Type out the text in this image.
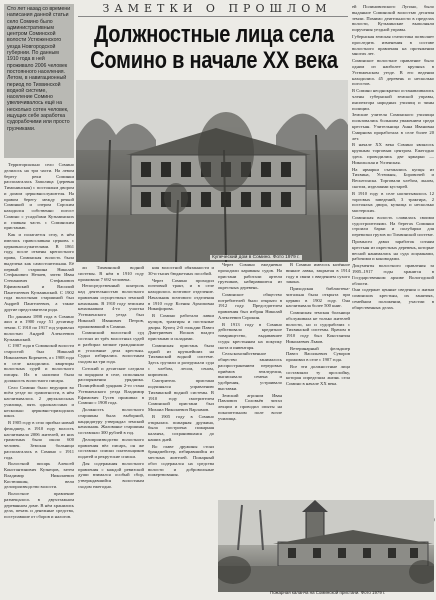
ЗАМЕТКИ О ПРОШЛОМ

Сто лет назад со времени написания данной статьи село Сомино было административным центром Соминской волости Устюженского уезда Новгородской губернии. По данным 1910 года в ней проживало 2006 человек постоянного населения. Летом, в навигационный период по Тихвинской водной системе, население Сомино увеличивалось ещё на несколько сотен человек, ищущих себе заработка судорабочими или просто грузчиками.

Должностные лица села Сомино в начале ХХ века
Купеческий дом в Сомино. Фото 1979 г.

Территориально село Сомино делилось на три части. На левом берегу реки Соминки располагалась Заполица (деревня Тимонинская) с постоялым двором и домом церковнослужителя. На правом берегу между речкой Соминкой и озером Сорским находился собственно погост Сомино с усадьбами Кузьминских и главная часть с Соминским пристанью.

Как и полагается селу, в нём имелась православная церковь с церковнослужителями. В 1861 году, после отмены крепостного права, Соминская волость была выделена как самостоятельная. Её первый старшина Николай Стефанович Нечаев, затем Иван Степанович Стефанович Ефимовский и Василий Пантелеевич Кузьминский. С 1902 года волостным старшиной был Андрей Пантелеевич, а также другие представители рода.

По данным 1898 года в Сомино жил и в 1900 году 51 десятину земли. С 1910 по 1917 год управлял волостью Андрей Алексеевич Кузьминский.

С 1907 года в Соминской волости старостой был Николай Николаевич Коренеев, а с 1908 года в селе находились квартиры волостных судей и волостного писаря. Их в наличии была должность волостного писаря.

Село Сомино было ведущим во всём уезде по грамотности, в нём насчитывалось 2 двухклассных училища, пять одноклассных и несколько церковно-приходских школ.

В 1905 году в село прибыл новый фельдшер, в 1910 году волость насчитывала 2006 жителей, из них грамотных было около 600 человек. Земская больница располагалась в Сомино с 1911 года.

Волостной писарь Алексей Константинович Кузнецов, затем Владимир Николаевич Костюшкин, вели делопроизводство волости.

Волостное правление размещалось в двухэтажном деревянном доме. В нём хранились дела, печать и денежные средства, поступавшие от сборов и налогов.

ли Тихвинской водной системы. В нём в 1910 году проживали 7 692 человека.

Непосредственный контроль над деятельностью волостного правления осуществлял земский начальник. В 1910 году земским начальником 4-го участка Устюженского уезда был Николай Иванович Петров, проживавший в Сомино.

Соминский волостной суд состоял из трёх волостных судей и разбирал мелкие гражданские и уголовные дела крестьян. Судьи избирались волостным сходом на три года.

Сотский и десятские следили за порядком в селе, исполняли распоряжения урядника. Полицейский урядник 2-го стана Устюженского уезда Владимир Ефимович Гусев проживал в Сомино с 1908 года.

Должность волостного старшины была выборной, кандидатуру утверждал земский начальник. Жалованье старшины составляло 300 рублей в год.

Делопроизводство волостного правления вёл писарь, он же составлял списки плательщиков податей и рекрутские списки.

Для содержания волостного правления с каждой ревизской души взимался особый сбор, утверждавшийся волостным сходом ежегодно.

ния волостной обязанности и 30-и тысяч бюджетных пособий.

Через Сомино проходил почтовый тракт, и в селе находилось почтовое отделение. Начальник почтового отделения в 1910 году Ксения Архиповна Никифорова.

В Сомино работали лавки купцов, трактиры и постоялые дворы. Купец 2-й гильдии Павел Дмитриевич Носков владел пристанью и складами.

Соминская пристань была одной из крупнейших на Тихвинской водной системе. Здесь грузили и разгружали суда с хлебом, лесом, сеном, кирпичом.

Смотритель пристани подчинялся управлению Тихвинской водной системы. В 1910 году смотрителем Соминской пристани был Михаил Николаевич Варламов.

В 1905 году в Сомино открылась пожарная дружина, была построена пожарная каланча, сохранившаяся до наших дней.

Во главе дружины стоял брандмейстер, избиравшийся из местных жителей. Пожарный обоз содержался на средства волости и добровольные пожертвования.

Через Сомино ежедневно проходили караваны судов. На пристани работали артели грузчиков, набиравшиеся из окрестных деревень.

Соминское общество потребителей было открыто в 1912 году. Председателем правления был избран Николай Алексеевич Сорокин.

В 1913 году в Сомино действовало кредитное товарищество, выдававшее ссуды крестьянам на покупку скота и инвентаря.

Сельскохозяйственное общество занималось распространением передовых приёмов земледелия, выписывало семена и удобрения, устраивало выставки.

Земский агроном Иван Павлович Соловьёв читал лекции и проводил опыты на показательном поле возле училища.

В Сомино имелось казённое винное лавка, закрытая в 1914 году в связи с введением сухого закона.

Приходская библиотека-читальня была открыта при церкви в 1902 году. Она насчитывала более 500 книг.

Соминская земская больница обслуживала не только жителей волости, но и судорабочих с Тихвинской системы. Врачом в 1910 году был Константин Николаевич Львов.

Ветеринарный фельдшер Павел Васильевич Суворов проживал в селе с 1907 года.

Все эти должностные лица составляли ту прослойку, которая определяла жизнь села Сомино в начале ХХ века.

ей Полиновичского Лугино, было выданное Соминской волостью десятин земли. Помимо деятельности в пределах волости, Кузьминские выполняли поручения уездной управы.

Губернская земская статистика позволяет проследить изменения в составе волостного правления на протяжении многих лет.

Соминское волостное правление было одним из наиболее крупных в Устюженском уезде. В его ведении находились 45 деревень и несколько погостов.

В Сомино неоднократно останавливались члены губернской земской управы, инспектора народных училищ и чины полиции.

Земские учителя Соминского училища пользовались большим уважением среди крестьян. Учительница Анна Ивановна Смирнова проработала в селе более 20 лет.

В начале ХХ века Сомино являлось крупным торговым центром. Ежегодно здесь проводились две ярмарки — Никольская и Успенская.

На ярмарки съезжались купцы из Тихвина, Устюжны, Боровичей и Весьегонска. Торговали хлебом, льном, скотом, изделиями кустарей.

В 1910 году в селе насчитывалось 12 торговых заведений, 3 трактира, 2 постоялых двора, кузница и несколько мастерских.

Соминская волость славилась своими судостроителями. На берегах Соминки строили барки и полубарки для перевозки грузов по Тихвинской системе.

Промысел давал заработок сотням крестьян из окрестных деревень, которые весной нанимались на суда лоцманами, рабочими и коноводами.

Документы волостного правления за 1905–1917 годы хранятся в Государственном архиве Вологодской области.

Они содержат ценные сведения о жизни соминских крестьян, их занятиях, семейном положении, участии в общественных делах.

Пожарная каланча на Соминской пристани. Фото 1979 г.
